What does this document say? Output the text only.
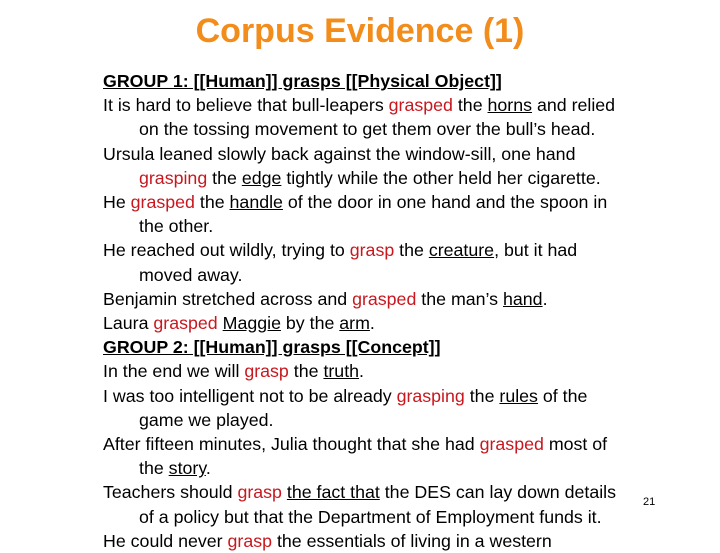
Corpus Evidence (1)
GROUP 1: [[Human]] grasps [[Physical Object]]
It is hard to believe that bull-leapers grasped the horns and relied
on the tossing movement to get them over the bull’s head.
Ursula leaned slowly back against the window-sill, one hand
grasping the edge tightly while the other held her cigarette.
He grasped the handle of the door in one hand and the spoon in
the other.
He reached out wildly, trying to grasp the creature, but it had
moved away.
Benjamin stretched across and grasped the man’s hand.
Laura grasped Maggie by the arm.
GROUP 2: [[Human]] grasps [[Concept]]
In the end we will grasp the truth.
I was too intelligent not to be already grasping the rules of the
game we played.
After fifteen minutes, Julia thought that she had grasped most of
the story.
Teachers should grasp the fact that the DES can lay down details
of a policy but that the Department of Employment funds it.
He could never grasp the essentials of living in a western
21
